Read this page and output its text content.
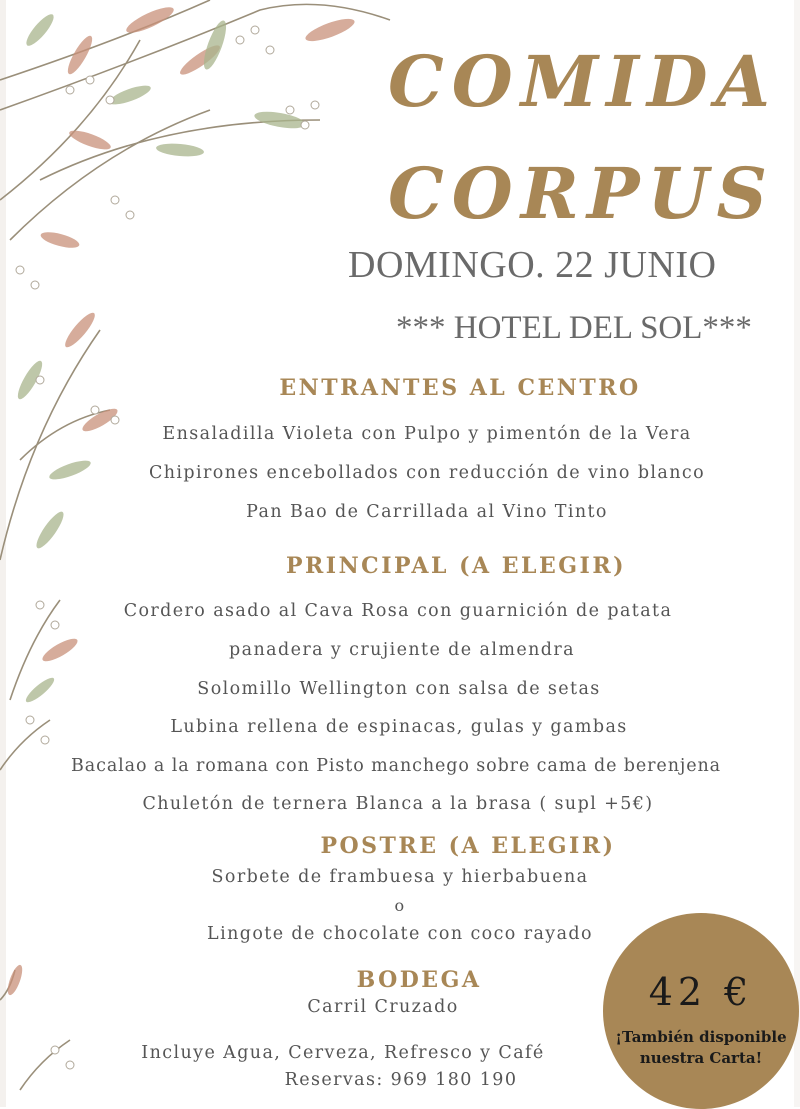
COMIDA
CORPUS
DOMINGO. 22 JUNIO
*** HOTEL DEL SOL***
ENTRANTES AL CENTRO
Ensaladilla Violeta con Pulpo y pimentón de la Vera
Chipirones encebollados con reducción de vino blanco
Pan Bao de Carrillada al Vino Tinto
PRINCIPAL (A ELEGIR)
Cordero asado al Cava Rosa con guarnición de patata
panadera y crujiente de almendra
Solomillo Wellington con salsa de setas
Lubina rellena de espinacas, gulas y gambas
Bacalao a la romana con Pisto manchego sobre cama de berenjena
Chuletón de ternera Blanca a la brasa ( supl +5€)
POSTRE (A ELEGIR)
Sorbete de frambuesa y hierbabuena
o
Lingote de chocolate con coco rayado
BODEGA
Carril Cruzado
Incluye Agua, Cerveza, Refresco y Café
Reservas: 969 180 190
42 €
¡También disponible
nuestra Carta!
